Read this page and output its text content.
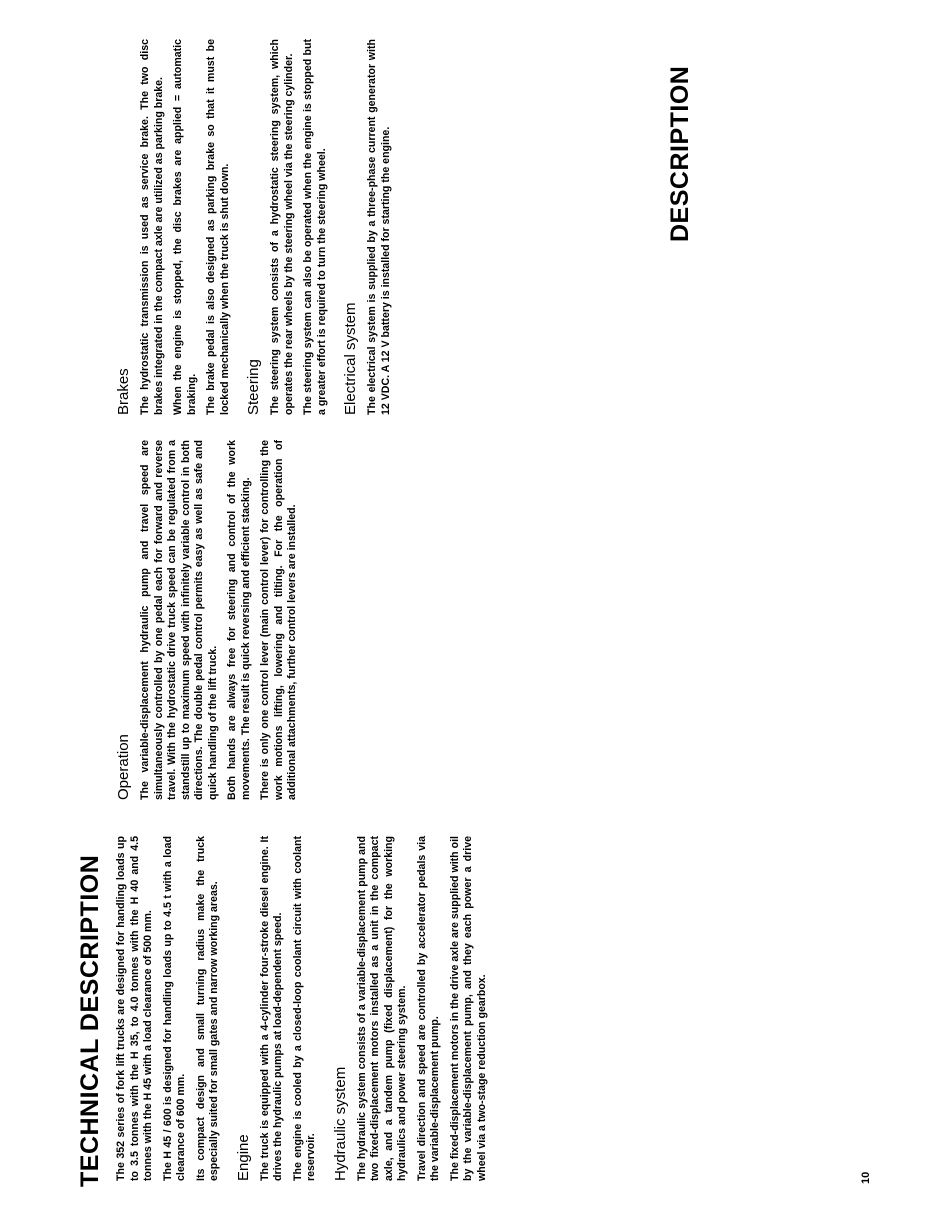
TECHNICAL DESCRIPTION
DESCRIPTION

The 352 series of fork lift trucks are designed for handling loads up to 3.5 tonnes with the H 35, to 4.0 tonnes with the H 40 and 4.5 tonnes with the H 45 with a load clearance of 500 mm. The H 45 / 600 is designed for handling loads up to 4.5 t with a load clearance of 600 mm. Its compact design and small turning radius make the truck especially suited for small gates and narrow working areas. Engine The truck is equipped with a 4-cylinder four-stroke diesel engine. It drives the hydraulic pumps at load-dependent speed. The engine is cooled by a closed-loop coolant circuit with coolant reservoir. Hydraulic system The hydraulic system consists of a variable-displacement pump and two fixed-displacement motors installed as a unit in the compact axle, and a tandem pump (fixed displacement) for the working hydraulics and power steering system. Travel direction and speed are controlled by accelerator pedals via the variable-displacement pump. The fixed-displacement motors in the drive axle are supplied with oil by the variable-displacement pump, and they each power a drive wheel via a two-stage reduction gearbox.

Operation The variable-displacement hydraulic pump and travel speed are simultaneously controlled by one pedal each for forward and reverse travel. With the hydrostatic drive truck speed can be regulated from a standstill up to maximum speed with infinitely variable control in both directions. The double pedal control permits easy as well as safe and quick handling of the lift truck. Both hands are always free for steering and control of the work movements. The result is quick reversing and efficient stacking. There is only one control lever (main control lever) for controlling the work motions lifting, lowering and tilting. For the operation of additional attachments, further control levers are installed.

Brakes The hydrostatic transmission is used as service brake. The two disc brakes integrated in the compact axle are utilized as parking brake. When the engine is stopped, the disc brakes are applied = automatic braking. The brake pedal is also designed as parking brake so that it must be locked mechanically when the truck is shut down. Steering The steering system consists of a hydrostatic steering system, which operates the rear wheels by the steering wheel via the steering cylinder. The steering system can also be operated when the engine is stopped but a greater effort is required to turn the steering wheel. Electrical system The electrical system is supplied by a three-phase current generator with 12 VDC. A 12 V battery is installed for starting the engine.

10
